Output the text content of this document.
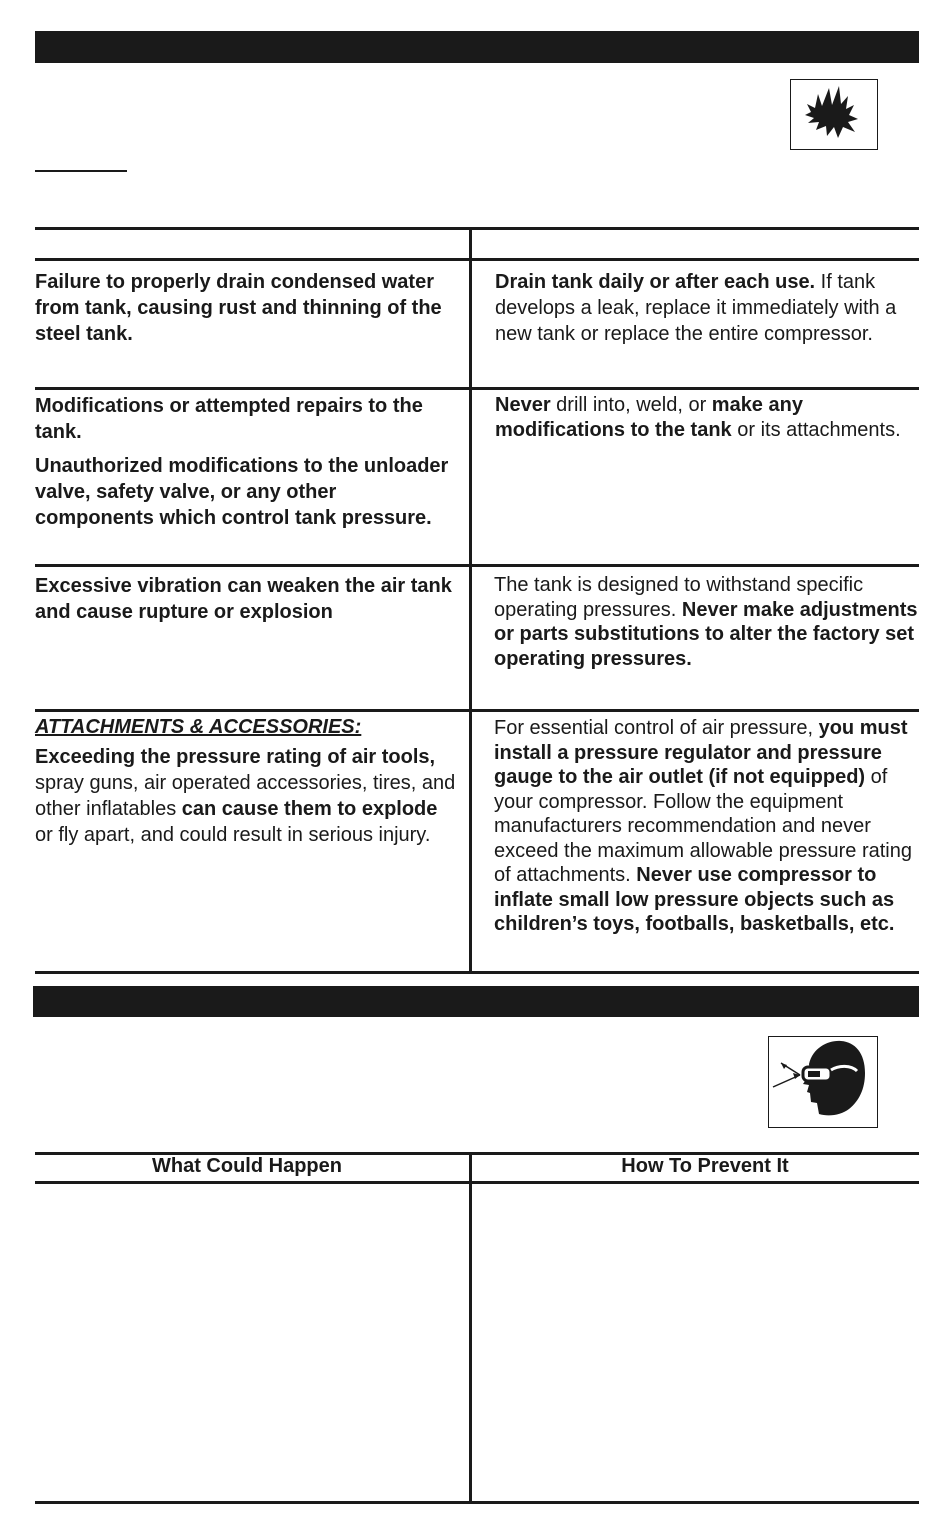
Failure to properly drain condensed water from tank, causing rust and thinning of the steel tank.

Drain tank daily or after each use. If tank develops a leak, replace it immediately with a new tank or replace the entire compressor.

Modifications or attempted repairs to the tank.

Unauthorized modifications to the unloader valve, safety valve, or any other components which control tank pressure.

Never drill into, weld, or make any modifications to the tank or its attachments.

Excessive vibration can weaken the air tank and cause rupture or explosion

The tank is designed to withstand specific operating pressures. Never make adjustments or parts substitutions to alter the factory set operating pressures.

ATTACHMENTS & ACCESSORIES:

Exceeding the pressure rating of air tools, spray guns, air operated accessories, tires, and other inflatables can cause them to explode or fly apart, and could result in serious injury.

For essential control of air pressure, you must install a pressure regulator and pressure gauge to the air outlet (if not equipped) of your compressor. Follow the equipment manufacturers recommendation and never exceed the maximum allowable pressure rating of attachments. Never use compressor to inflate small low pressure objects such as children’s toys, footballs, basketballs, etc.

What Could Happen	How To Prevent It
